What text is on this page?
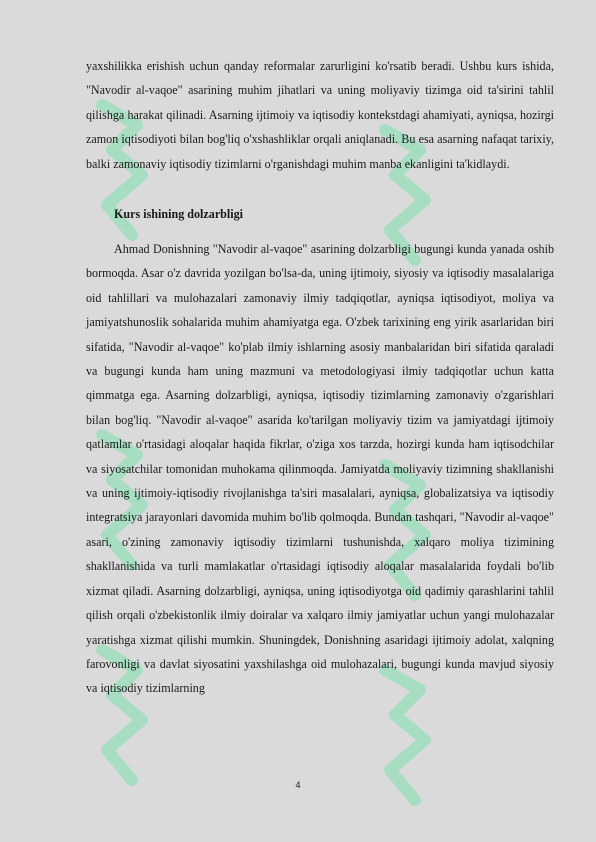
yaxshilikka erishish uchun qanday reformalar zarurligini ko'rsatib beradi. Ushbu kurs ishida, "Navodir al-vaqoe" asarining muhim jihatlari va uning moliyaviy tizimga oid ta'sirini tahlil qilishga harakat qilinadi. Asarning ijtimoiy va iqtisodiy kontekstdagi ahamiyati, ayniqsa, hozirgi zamon iqtisodiyoti bilan bog'liq o'xshashliklar orqali aniqlanadi. Bu esa asarning nafaqat tarixiy, balki zamonaviy iqtisodiy tizimlarni o'rganishdagi muhim manba ekanligini ta'kidlaydi.

Kurs ishining dolzarbligi

Ahmad Donishning "Navodir al-vaqoe" asarining dolzarbligi bugungi kunda yanada oshib bormoqda. Asar o'z davrida yozilgan bo'lsa-da, uning ijtimoiy, siyosiy va iqtisodiy masalalariga oid tahlillari va mulohazalari zamonaviy ilmiy tadqiqotlar, ayniqsa iqtisodiyot, moliya va jamiyatshunoslik sohalarida muhim ahamiyatga ega. O'zbek tarixining eng yirik asarlaridan biri sifatida, "Navodir al-vaqoe" ko'plab ilmiy ishlarning asosiy manbalaridan biri sifatida qaraladi va bugungi kunda ham uning mazmuni va metodologiyasi ilmiy tadqiqotlar uchun katta qimmatga ega. Asarning dolzarbligi, ayniqsa, iqtisodiy tizimlarning zamonaviy o'zgarishlari bilan bog'liq. "Navodir al-vaqoe" asarida ko'tarilgan moliyaviy tizim va jamiyatdagi ijtimoiy qatlamlar o'rtasidagi aloqalar haqida fikrlar, o'ziga xos tarzda, hozirgi kunda ham iqtisodchilar va siyosatchilar tomonidan muhokama qilinmoqda. Jamiyatda moliyaviy tizimning shakllanishi va uning ijtimoiy-iqtisodiy rivojlanishga ta'siri masalalari, ayniqsa, globalizatsiya va iqtisodiy integratsiya jarayonlari davomida muhim bo'lib qolmoqda. Bundan tashqari, "Navodir al-vaqoe" asari, o'zining zamonaviy iqtisodiy tizimlarni tushunishda, xalqaro moliya tizimining shakllanishida va turli mamlakatlar o'rtasidagi iqtisodiy aloqalar masalalarida foydali bo'lib xizmat qiladi. Asarning dolzarbligi, ayniqsa, uning iqtisodiyotga oid qadimiy qarashlarini tahlil qilish orqali o'zbekistonlik ilmiy doiralar va xalqaro ilmiy jamiyatlar uchun yangi mulohazalar yaratishga xizmat qilishi mumkin. Shuningdek, Donishning asaridagi ijtimoiy adolat, xalqning farovonligi va davlat siyosatini yaxshilashga oid mulohazalari, bugungi kunda mavjud siyosiy va iqtisodiy tizimlarning

4
